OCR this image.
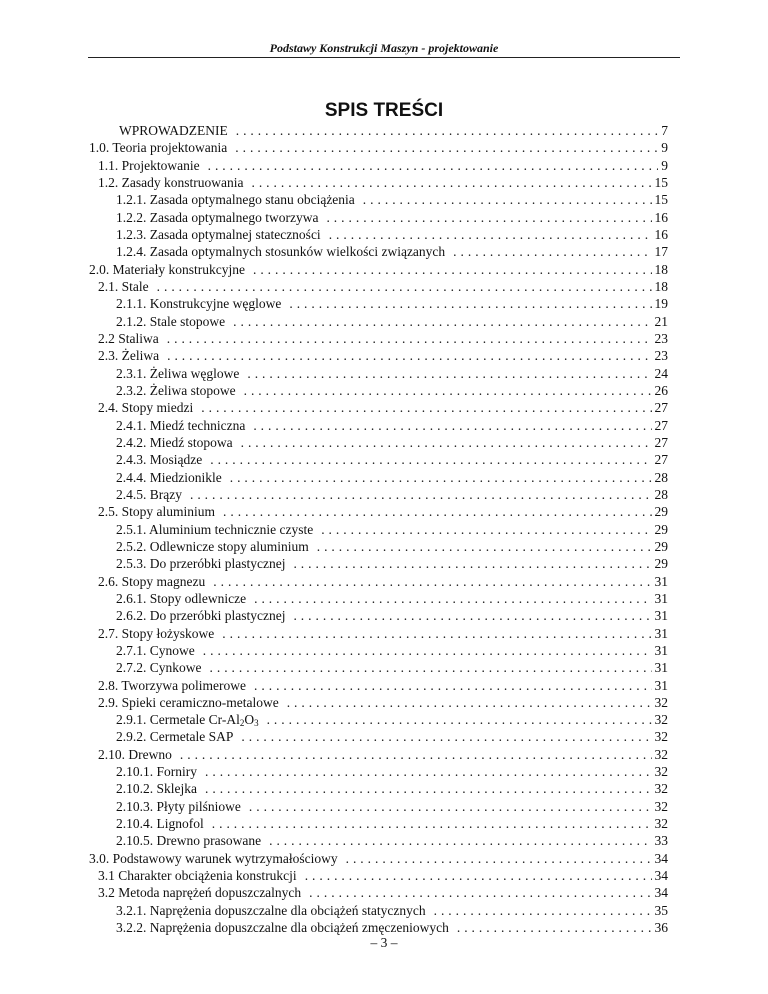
Podstawy Konstrukcji Maszyn - projektowanie
SPIS TREŚCI
WPROWADZENIE . . .	7
1.0. Teoria projektowania . . .	9
1.1. Projektowanie . . .	9
1.2. Zasady konstruowania . . .	15
1.2.1. Zasada optymalnego stanu obciążenia . . .	15
1.2.2. Zasada optymalnego tworzywa . . .	16
1.2.3. Zasada optymalnej stateczności . . .	16
1.2.4. Zasada optymalnych stosunków wielkości związanych . . .	17
2.0. Materiały konstrukcyjne . . .	18
2.1. Stale . . .	18
2.1.1. Konstrukcyjne węglowe . . .	19
2.1.2. Stale stopowe . . .	21
2.2 Staliwa . . .	23
2.3. Żeliwa . . .	23
2.3.1. Żeliwa węglowe . . .	24
2.3.2. Żeliwa stopowe . . .	26
2.4. Stopy miedzi . . .	27
2.4.1. Miedź techniczna . . .	27
2.4.2. Miedź stopowa . . .	27
2.4.3. Mosiądze . . .	27
2.4.4. Miedzionikle . . .	28
2.4.5. Brązy . . .	28
2.5. Stopy aluminium . . .	29
2.5.1. Aluminium technicznie czyste . . .	29
2.5.2. Odlewnicze stopy aluminium . . .	29
2.5.3. Do przeróbki plastycznej . . .	29
2.6. Stopy magnezu . . .	31
2.6.1. Stopy odlewnicze . . .	31
2.6.2. Do przeróbki plastycznej . . .	31
2.7. Stopy łożyskowe . . .	31
2.7.1. Cynowe . . .	31
2.7.2. Cynkowe . . .	31
2.8. Tworzywa polimerowe . . .	31
2.9. Spieki ceramiczno-metalowe . . .	32
2.9.1. Cermetale $Cr-Al_2O_3$ . . .	32
2.9.2. Cermetale SAP . . .	32
2.10. Drewno . . .	32
2.10.1. Forniry . . .	32
2.10.2. Sklejka . . .	32
2.10.3. Płyty pilśniowe . . .	32
2.10.4. Lignofol . . .	32
2.10.5. Drewno prasowane . . .	33
3.0. Podstawowy warunek wytrzymałościowy . . .	34
3.1 Charakter obciążenia konstrukcji . . .	34
3.2 Metoda naprężeń dopuszczalnych . . .	34
3.2.1. Naprężenia dopuszczalne dla obciążeń statycznych . . .	35
3.2.2. Naprężenia dopuszczalne dla obciążeń zmęczeniowych . . .	36
– 3 –
